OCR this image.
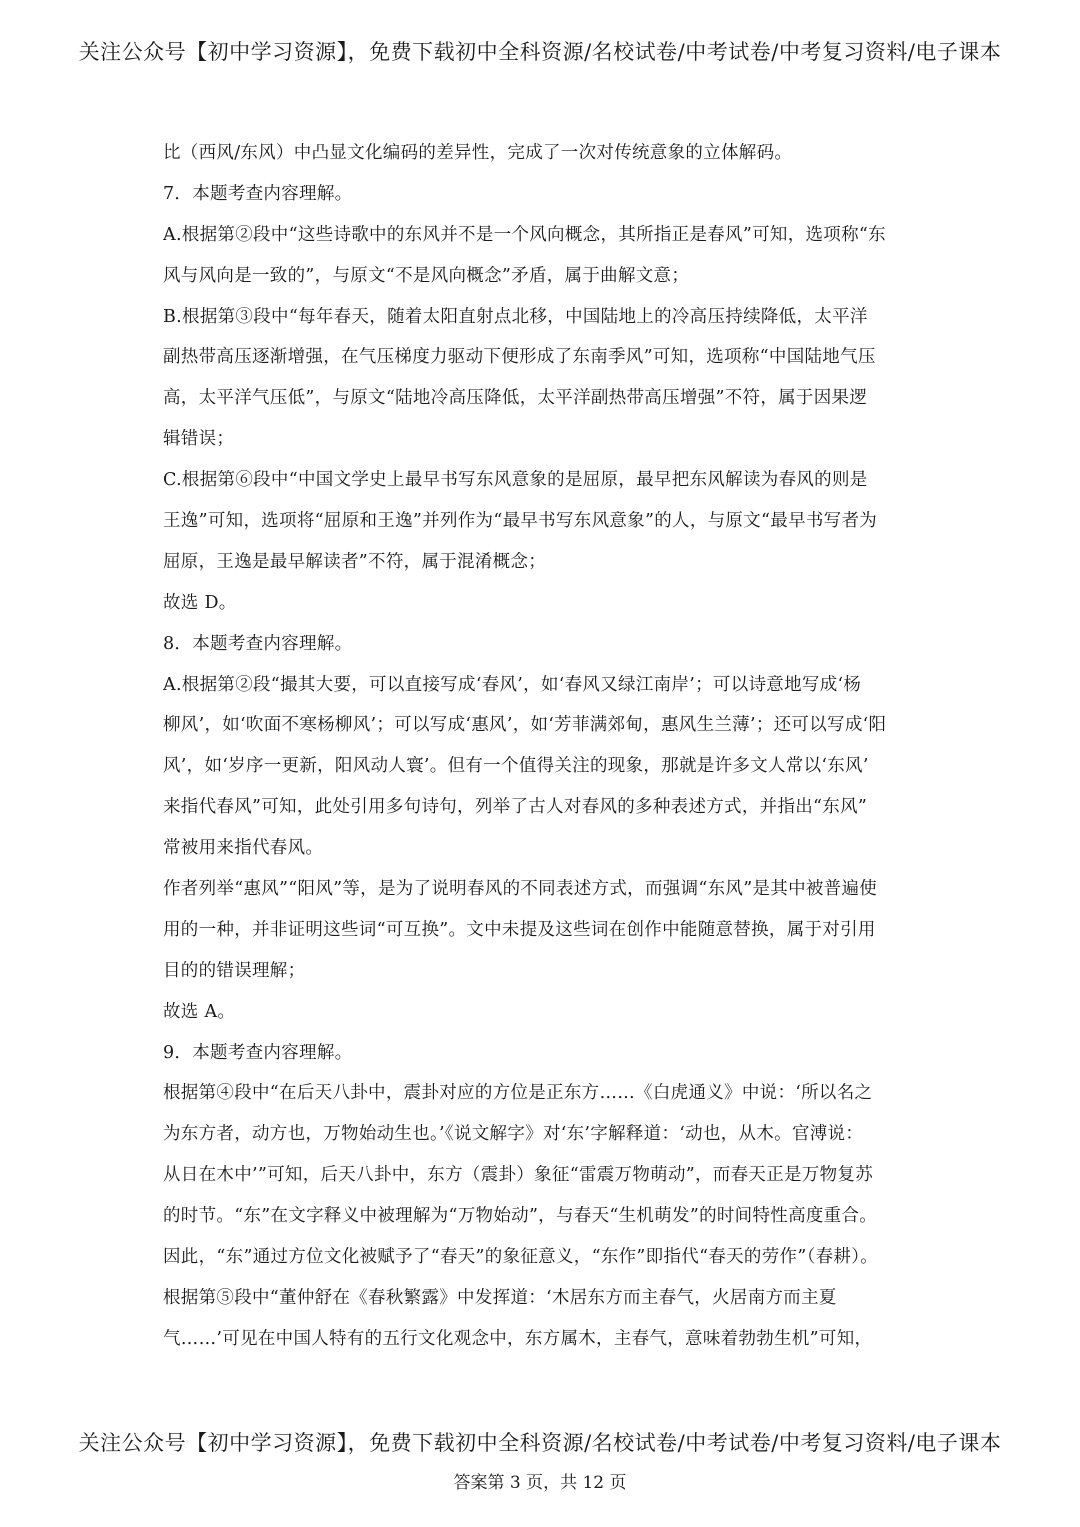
关注公众号【初中学习资源】，免费下载初中全科资源/名校试卷/中考试卷/中考复习资料/电子课本
比（西风/东风）中凸显文化编码的差异性，完成了一次对传统意象的立体解码。
7．本题考查内容理解。
A.根据第②段中“这些诗歌中的东风并不是一个风向概念，其所指正是春风”可知，选项称“东
风与风向是一致的”，与原文“不是风向概念”矛盾，属于曲解文意；
B.根据第③段中“每年春天，随着太阳直射点北移，中国陆地上的冷高压持续降低，太平洋
副热带高压逐渐增强，在气压梯度力驱动下便形成了东南季风”可知，选项称“中国陆地气压
高，太平洋气压低”，与原文“陆地冷高压降低，太平洋副热带高压增强”不符，属于因果逻
辑错误；
C.根据第⑥段中“中国文学史上最早书写东风意象的是屈原，最早把东风解读为春风的则是
王逸”可知，选项将“屈原和王逸”并列作为“最早书写东风意象”的人，与原文“最早书写者为
屈原，王逸是最早解读者”不符，属于混淆概念；
故选 D。
8．本题考查内容理解。
A.根据第②段“撮其大要，可以直接写成‘春风’，如‘春风又绿江南岸’；可以诗意地写成‘杨
柳风’，如‘吹面不寒杨柳风’；可以写成‘惠风’，如‘芳菲满郊甸，惠风生兰薄’；还可以写成‘阳
风’，如‘岁序一更新，阳风动人寰’。但有一个值得关注的现象，那就是许多文人常以‘东风’
来指代春风”可知，此处引用多句诗句，列举了古人对春风的多种表述方式，并指出“东风”
常被用来指代春风。
作者列举“惠风”“阳风”等，是为了说明春风的不同表述方式，而强调“东风”是其中被普遍使
用的一种，并非证明这些词“可互换”。文中未提及这些词在创作中能随意替换，属于对引用
目的的错误理解；
故选 A。
9．本题考查内容理解。
根据第④段中“在后天八卦中，震卦对应的方位是正东方……《白虎通义》中说：‘所以名之
为东方者，动方也，万物始动生也。’《说文解字》对‘东’字解释道：‘动也，从木。官溥说：
从日在木中’”可知，后天八卦中，东方（震卦）象征“雷震万物萌动”，而春天正是万物复苏
的时节。“东”在文字释义中被理解为“万物始动”，与春天“生机萌发”的时间特性高度重合。
因此，“东”通过方位文化被赋予了“春天”的象征意义，“东作”即指代“春天的劳作”（春耕）。
根据第⑤段中“董仲舒在《春秋繁露》中发挥道：‘木居东方而主春气，火居南方而主夏
气……’可见在中国人特有的五行文化观念中，东方属木，主春气，意味着勃勃生机”可知，
关注公众号【初中学习资源】，免费下载初中全科资源/名校试卷/中考试卷/中考复习资料/电子课本
答案第 3 页，共 12 页
